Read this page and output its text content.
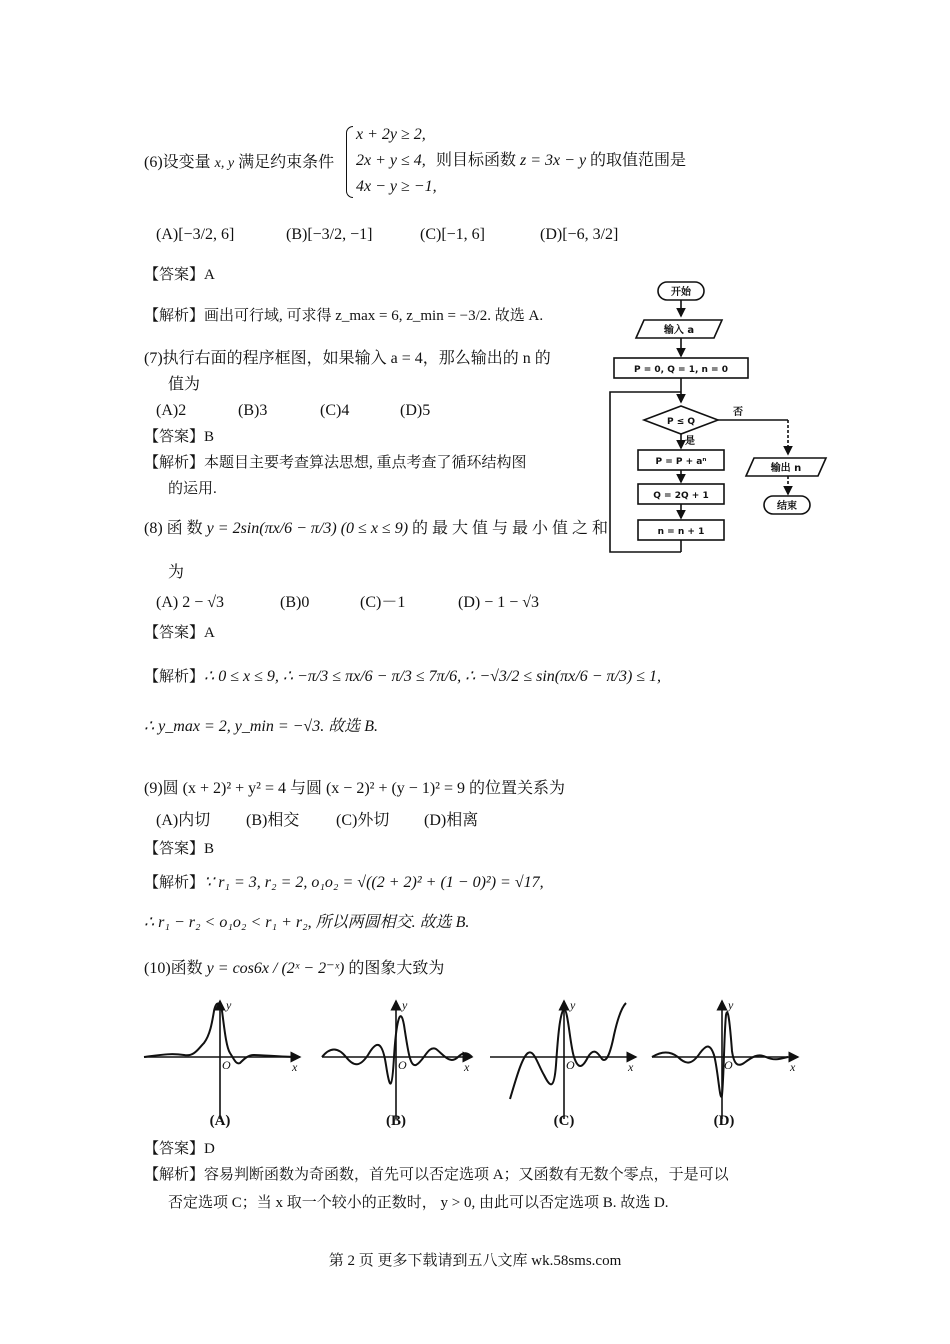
(6)设变量 x, y 满足约束条件
x + 2y ≥ 2,
2x + y ≤ 4,
4x − y ≥ −1,
则目标函数 z = 3x − y 的取值范围是
(A)[−3/2, 6]	(B)[−3/2, −1]	(C)[−1, 6]	(D)[−6, 3/2]
【答案】A
【解析】画出可行域, 可求得 z_max = 6, z_min = −3/2. 故选 A.
(7)执行右面的程序框图，如果输入 a = 4，那么输出的 n 的
值为
(A)2	(B)3	(C)4	(D)5
【答案】B
【解析】本题目主要考查算法思想, 重点考查了循环结构图
的运用.
开始
输入 a
P = 0, Q = 1, n = 0
P ≤ Q
否
是
P = P + aⁿ
Q = 2Q + 1
n = n + 1
输出 n
结束
(8) 函 数 y = 2sin(πx/6 − π/3) (0 ≤ x ≤ 9) 的 最 大 值 与 最 小 值 之 和
为
(A) 2 − √3	(B)0	(C)－1	(D) − 1 − √3
【答案】A
【解析】∴ 0 ≤ x ≤ 9, ∴ −π/3 ≤ πx/6 − π/3 ≤ 7π/6, ∴ −√3/2 ≤ sin(πx/6 − π/3) ≤ 1,
∴ y_max = 2, y_min = −√3. 故选 B.
(9)圆 (x + 2)² + y² = 4 与圆 (x − 2)² + (y − 1)² = 9 的位置关系为
(A)内切 (B)相交 (C)外切 (D)相离
【答案】B
【解析】∵ r₁ = 3, r₂ = 2, o₁o₂ = √((2 + 2)² + (1 − 0)²) = √17,
∴ r₁ − r₂ < o₁o₂ < r₁ + r₂, 所以两圆相交. 故选 B.
(10)函数 y = cos6x / (2ˣ − 2⁻ˣ) 的图象大致为
y
x
O
y
x
O
y
x
O
y
x
O
(A)	(B)	(C)	(D)
【答案】D
【解析】容易判断函数为奇函数，首先可以否定选项 A；又函数有无数个零点，于是可以
否定选项 C；当 x 取一个较小的正数时， y > 0, 由此可以否定选项 B. 故选 D.
第 2 页 更多下载请到五八文库 wk.58sms.com
